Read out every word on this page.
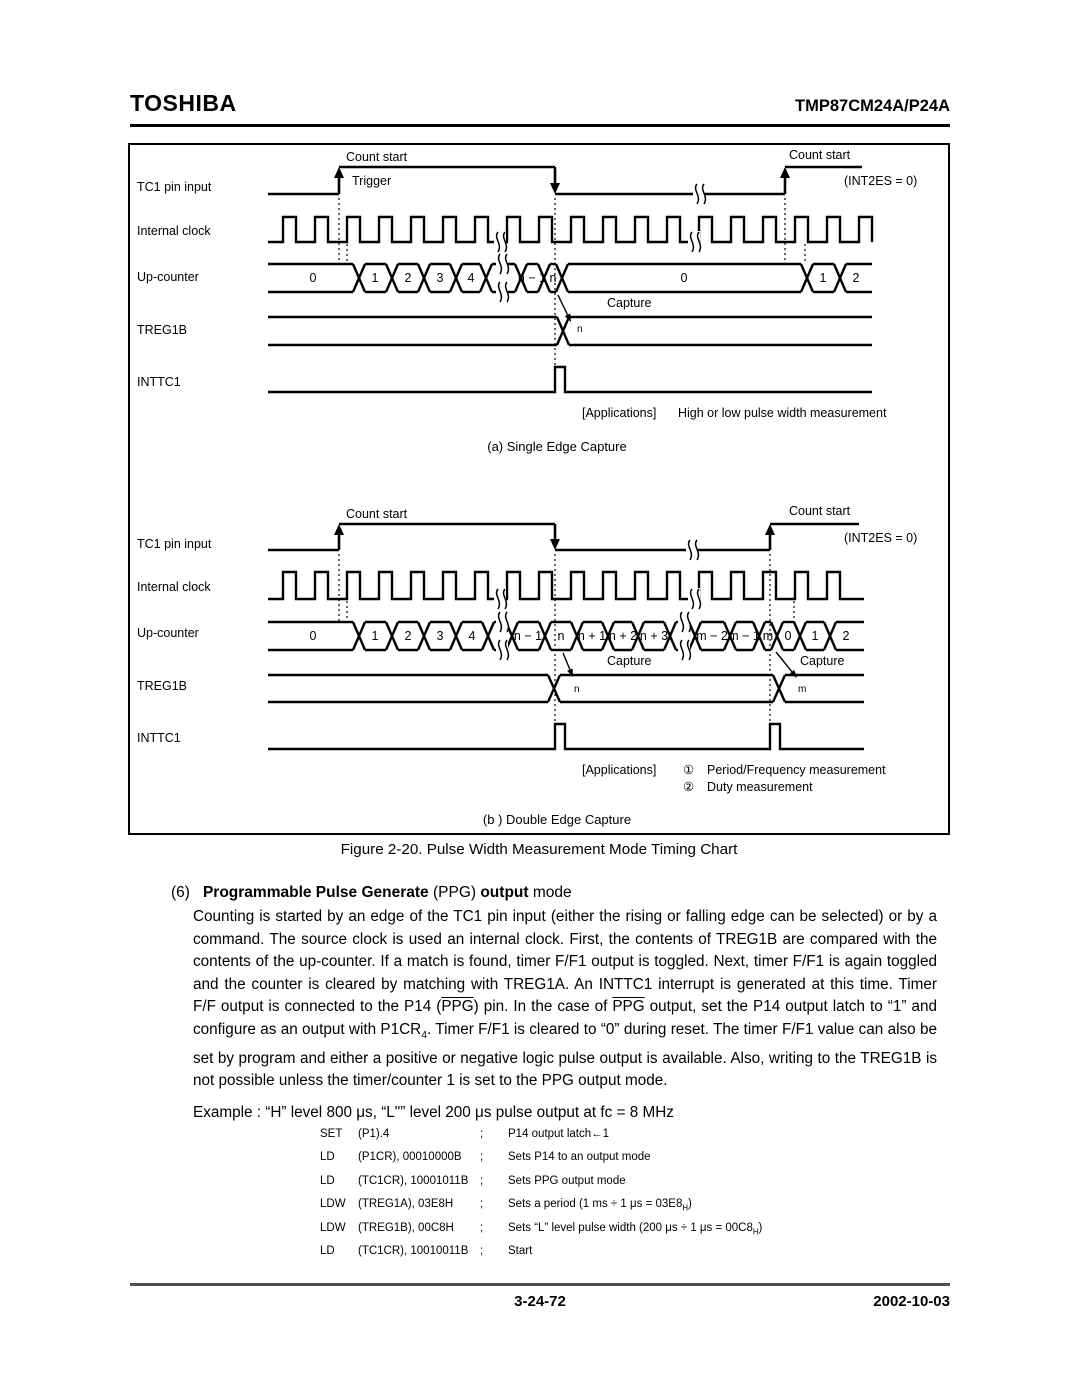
TOSHIBA	TMP87CM24A/P24A
0	1 2 3 4	n − 1 n	0	1 2
0	1 2 3 4	n − 1 n n + 1 n + 2 n + 3 m − 2 m − 1 m 0 1 2
Count start
Trigger
Count start
(INT2ES = 0)
TC1 pin input
Internal clock
Up-counter
TREG1B
INTTC1
Capture
n
[Applications] High or low pulse width measurement
(a) Single Edge Capture
Count start	Count start
(INT2ES = 0)
TC1 pin input
Internal clock
Up-counter
TREG1B
INTTC1
Capture	Capture
n	m
[Applications] ① Period/Frequency measurement
② Duty measurement
(b ) Double Edge Capture
Figure 2-20. Pulse Width Measurement Mode Timing Chart
(6) Programmable Pulse Generate (PPG) output mode
Counting is started by an edge of the TC1 pin input (either the rising or falling edge can be selected) or by a command. The source clock is used an internal clock. First, the contents of TREG1B are compared with the contents of the up-counter. If a match is found, timer F/F1 output is toggled. Next, timer F/F1 is again toggled and the counter is cleared by matching with TREG1A. An INTTC1 interrupt is generated at this time. Timer F/F output is connected to the P14 $(\overline{PPG})$ pin. In the case of $\overline{PPG}$ output, set the P14 output latch to “1” and configure as an output with $P1CR_4$. Timer F/F1 is cleared to “0” during reset. The timer F/F1 value can also be set by program and either a positive or negative logic pulse output is available. Also, writing to the TREG1B is not possible unless the timer/counter 1 is set to the PPG output mode.
Example : “H” level 800 μs, “L"” level 200 μs pulse output at fc = 8 MHz
SET	(P1).4	;	P14 output latch←1
LD	(P1CR), 00010000B	;	Sets P14 to an output mode
LD	(TC1CR), 10001011B	;	Sets PPG output mode
LDW	(TREG1A), 03E8H	;	Sets a period (1 ms ÷ 1 $\mu s = 03E8_H$)
LDW	(TREG1B), 00C8H	;	Sets “L” level pulse width (200 μs ÷ 1 $\mu s = 00C8_H$)
LD	(TC1CR), 10010011B	;	Start
3-24-72	2002-10-03
